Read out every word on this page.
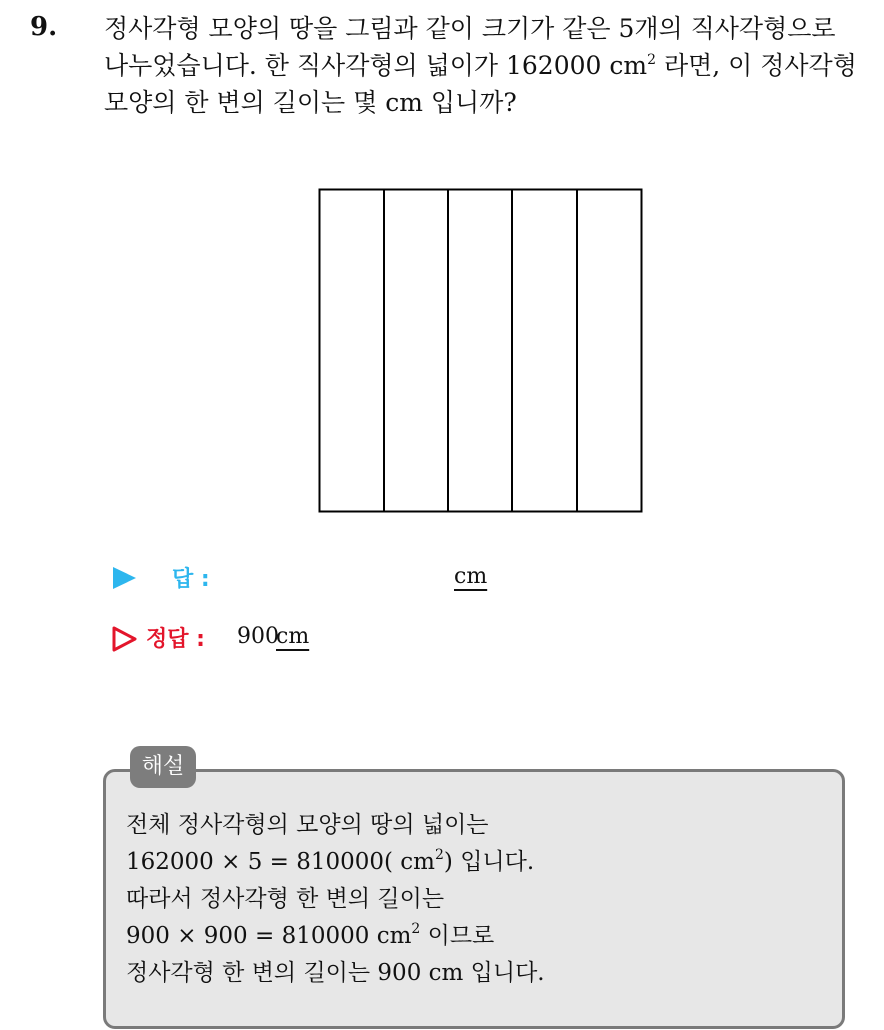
9. 정사각형 모양의 땅을 그림과 같이 크기가 같은 5개의 직사각형으로
나누었습니다. 한 직사각형의 넓이가 162000 $cm^2$ 라면, 이 정사각형
모양의 한 변의 길이는 몇 cm 입니까?
답 :	cm
정답 : 900
cm
해설
전체 정사각형의 모양의 땅의 넓이는
162000 × 5 = 810000( $cm^2$) 입니다.
따라서 정사각형 한 변의 길이는
900 × 900 = 810000 $cm^2$ 이므로
정사각형 한 변의 길이는 900 cm 입니다.
